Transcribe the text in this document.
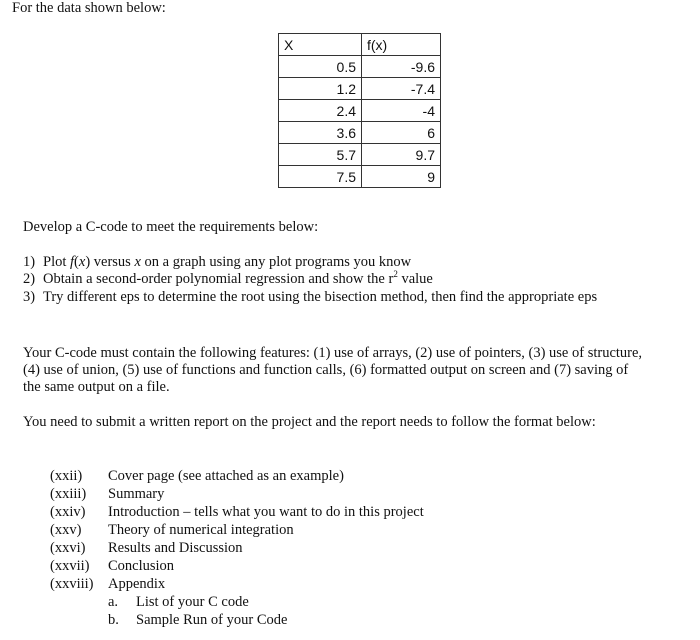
For the data shown below:
X	f(x)
0.5	-9.6
1.2	-7.4
2.4	-4
3.6	6
5.7	9.7
7.5	9
Develop a C-code to meet the requirements below:
1) Plot f(x) versus x on a graph using any plot programs you know
2) Obtain a second-order polynomial regression and show the $r^2$ value
3) Try different eps to determine the root using the bisection method, then find the appropriate eps
Your C-code must contain the following features: (1) use of arrays, (2) use of pointers, (3) use of structure,
(4) use of union, (5) use of functions and function calls, (6) formatted output on screen and (7) saving of
the same output on a file.
You need to submit a written report on the project and the report needs to follow the format below:
(xxii) Cover page (see attached as an example)
(xxiii) Summary
(xxiv) Introduction – tells what you want to do in this project
(xxv) Theory of numerical integration
(xxvi) Results and Discussion
(xxvii) Conclusion
(xxviii) Appendix
a. List of your C code
b. Sample Run of your Code
